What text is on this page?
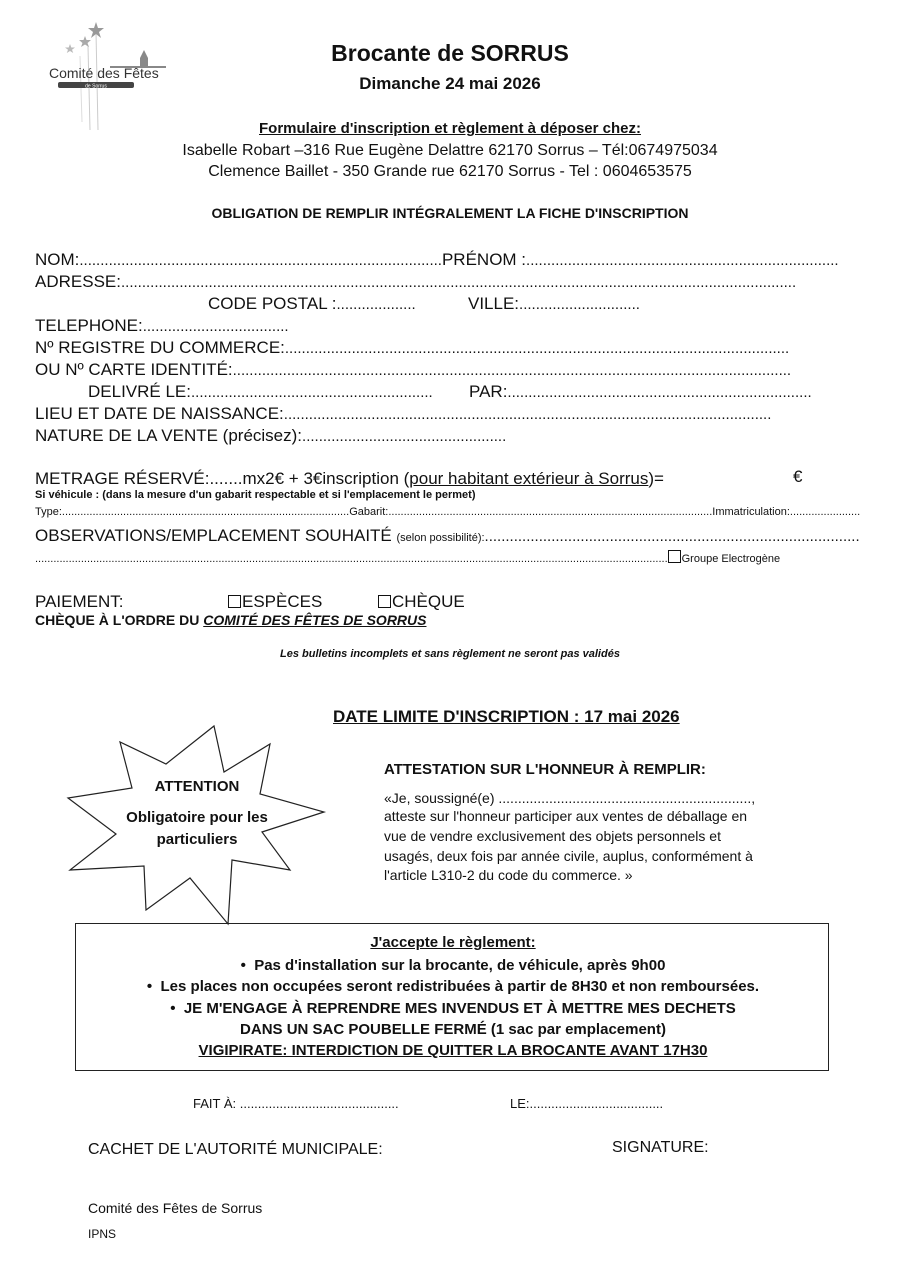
Comité des Fêtes
de Sorrus
Brocante de SORRUS
Dimanche 24 mai 2026
Formulaire d'inscription et règlement à déposer chez:
Isabelle Robart –316 Rue Eugène Delattre 62170 Sorrus – Tél:0674975034
Clemence Baillet - 350 Grande rue 62170 Sorrus - Tel : 0604653575
OBLIGATION DE REMPLIR INTÉGRALEMENT LA FICHE D'INSCRIPTION
NOM:.......................................................................................PRÉNOM :...........................................................................
ADRESSE:..................................................................................................................................................................
CODE POSTAL :...................	VILLE:.............................
TELEPHONE:...................................
Nº REGISTRE DU COMMERCE:.........................................................................................................................
OU Nº CARTE IDENTITÉ:......................................................................................................................................
DELIVRÉ LE:.......................................................... PAR:.........................................................................
LIEU ET DATE DE NAISSANCE:.....................................................................................................................
NATURE DE LA VENTE (précisez):.................................................
METRAGE RÉSERVÉ:.......mx2€ + 3€inscription (pour habitant extérieur à Sorrus)=	€
Si véhicule : (dans la mesure d'un gabarit respectable et si l'emplacement le permet)
Type:..............................................................................................Gabarit:..........................................................................................................Immatriculation:.......................
OBSERVATIONS/EMPLACEMENT SOUHAITÉ (selon possibilité):..........................................................................................
............................................................................................................................................................................................................... Groupe Electrogène
PAIEMENT:	ESPÈCES	CHÈQUE
CHÈQUE À L'ORDRE DU COMITÉ DES FÊTES DE SORRUS
Les bulletins incomplets et sans règlement ne seront pas validés
DATE LIMITE D'INSCRIPTION : 17 mai 2026
ATTENTION
Obligatoire pour les
particuliers
ATTESTATION SUR L'HONNEUR À REMPLIR:
«Je, soussigné(e) .................................................................,
atteste sur l'honneur participer aux ventes de déballage en
vue de vendre exclusivement des objets personnels et
usagés, deux fois par année civile, auplus, conformément à
l'article L310-2 du code du commerce. »
J'accepte le règlement:
•  Pas d'installation sur la brocante, de véhicule, après 9h00
•  Les places non occupées seront redistribuées à partir de 8H30 et non remboursées.
•  JE M'ENGAGE À REPRENDRE MES INVENDUS ET À METTRE MES DECHETS
DANS UN SAC POUBELLE FERMÉ (1 sac par emplacement)
VIGIPIRATE: INTERDICTION DE QUITTER LA BROCANTE AVANT 17H30
FAIT À: ............................................	LE:.....................................
CACHET DE L'AUTORITÉ MUNICIPALE:	SIGNATURE:
Comité des Fêtes de Sorrus
IPNS
